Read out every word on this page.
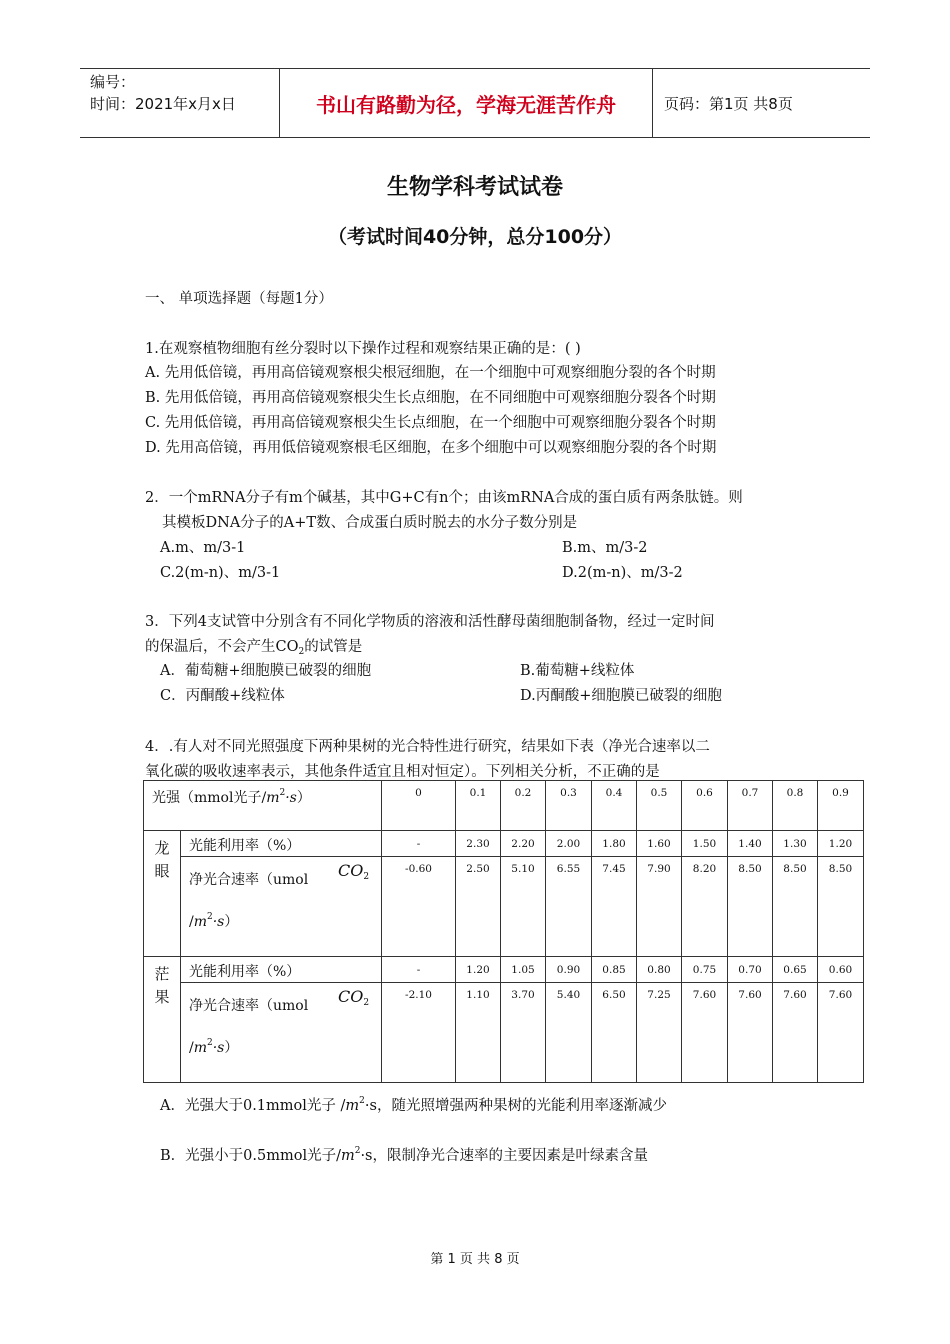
编号：
时间：2021年x月x日	书山有路勤为径，学海无涯苦作舟	页码：第1页 共8页
生物学科考试试卷
（考试时间40分钟，总分100分）
一、 单项选择题（每题1分）
1.在观察植物细胞有丝分裂时以下操作过程和观察结果正确的是：( )
A. 先用低倍镜，再用高倍镜观察根尖根冠细胞，在一个细胞中可观察细胞分裂的各个时期
B. 先用低倍镜，再用高倍镜观察根尖生长点细胞，在不同细胞中可观察细胞分裂各个时期
C. 先用低倍镜，再用高倍镜观察根尖生长点细胞，在一个细胞中可观察细胞分裂各个时期
D. 先用高倍镜，再用低倍镜观察根毛区细胞，在多个细胞中可以观察细胞分裂的各个时期
2．一个mRNA分子有m个碱基，其中G+C有n个；由该mRNA合成的蛋白质有两条肽链。则
其模板DNA分子的A+T数、合成蛋白质时脱去的水分子数分别是
A.m、m/3-1	B.m、m/3-2
C.2(m-n)、m/3-1	D.2(m-n)、m/3-2
3．下列4支试管中分别含有不同化学物质的溶液和活性酵母菌细胞制备物，经过一定时间
的保温后，不会产生$CO_2$的试管是
A．葡萄糖+细胞膜已破裂的细胞	B.葡萄糖+线粒体
C．丙酮酸+线粒体	D.丙酮酸+细胞膜已破裂的细胞
4．.有人对不同光照强度下两种果树的光合特性进行研究，结果如下表（净光合速率以二
氧化碳的吸收速率表示，其他条件适宜且相对恒定）。下列相关分析，不正确的是
光强（mmol光子$/m^2\cdot s$）		0	0.1	0.2	0.3	0.4	0.5	0.6	0.7	0.8	0.9

龙眼	光能利用率（%）	-	2.30	2.20	2.00	1.80	1.60	1.50	1.40	1.30	1.20

	净光合速率（umol $CO_2$
$/m^2\cdot s$）	-0.60	2.50	5.10	6.55	7.45	7.90	8.20	8.50	8.50	8.50

茫果	光能利用率（%）	-	1.20	1.05	0.90	0.85	0.80	0.75	0.70	0.65	0.60

	净光合速率（umol $CO_2$
$/m^2\cdot s$）	-2.10	1.10	3.70	5.40	6.50	7.25	7.60	7.60	7.60	7.60
A．光强大于0.1mmol光子 $/m^2\cdot s$，随光照增强两种果树的光能利用率逐渐减少
B．光强小于0.5mmol光子$/m^2\cdot s$，限制净光合速率的主要因素是叶绿素含量
第 1 页 共 8 页
